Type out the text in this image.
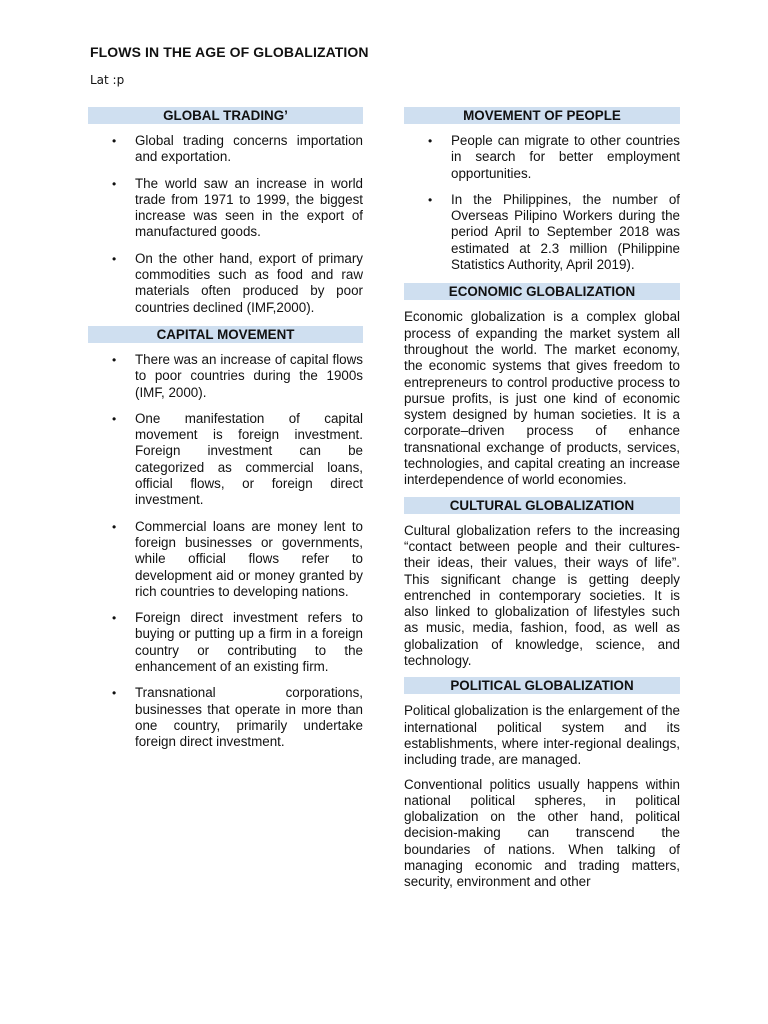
FLOWS IN THE AGE OF GLOBALIZATION
Lat :p
GLOBAL TRADING’
• Global trading concerns importation and exportation.
• The world saw an increase in world trade from 1971 to 1999, the biggest increase was seen in the export of manufactured goods.
• On the other hand, export of primary commodities such as food and raw materials often produced by poor countries declined (IMF,2000).
CAPITAL MOVEMENT
• There was an increase of capital flows to poor countries during the 1900s (IMF, 2000).
• One manifestation of capital movement is foreign investment. Foreign investment can be categorized as commercial loans, official flows, or foreign direct investment.
• Commercial loans are money lent to foreign businesses or governments, while official flows refer to development aid or money granted by rich countries to developing nations.
• Foreign direct investment refers to buying or putting up a firm in a foreign country or contributing to the enhancement of an existing firm.
• Transnational corporations, businesses that operate in more than one country, primarily undertake foreign direct investment.
MOVEMENT OF PEOPLE
• People can migrate to other countries in search for better employment opportunities.
• In the Philippines, the number of Overseas Pilipino Workers during the period April to September 2018 was estimated at 2.3 million (Philippine Statistics Authority, April 2019).
ECONOMIC GLOBALIZATION

Economic globalization is a complex global process of expanding the market system all throughout the world. The market economy, the economic systems that gives freedom to entrepreneurs to control productive process to pursue profits, is just one kind of economic system designed by human societies. It is a corporate–driven process of enhance transnational exchange of products, services, technologies, and capital creating an increase interdependence of world economies.

CULTURAL GLOBALIZATION

Cultural globalization refers to the increasing “contact between people and their cultures- their ideas, their values, their ways of life”. This significant change is getting deeply entrenched in contemporary societies. It is also linked to globalization of lifestyles such as music, media, fashion, food, as well as globalization of knowledge, science, and technology.

POLITICAL GLOBALIZATION

Political globalization is the enlargement of the international political system and its establishments, where inter-regional dealings, including trade, are managed.

Conventional politics usually happens within national political spheres, in political globalization on the other hand, political decision-making can transcend the boundaries of nations. When talking of managing economic and trading matters, security, environment and other
